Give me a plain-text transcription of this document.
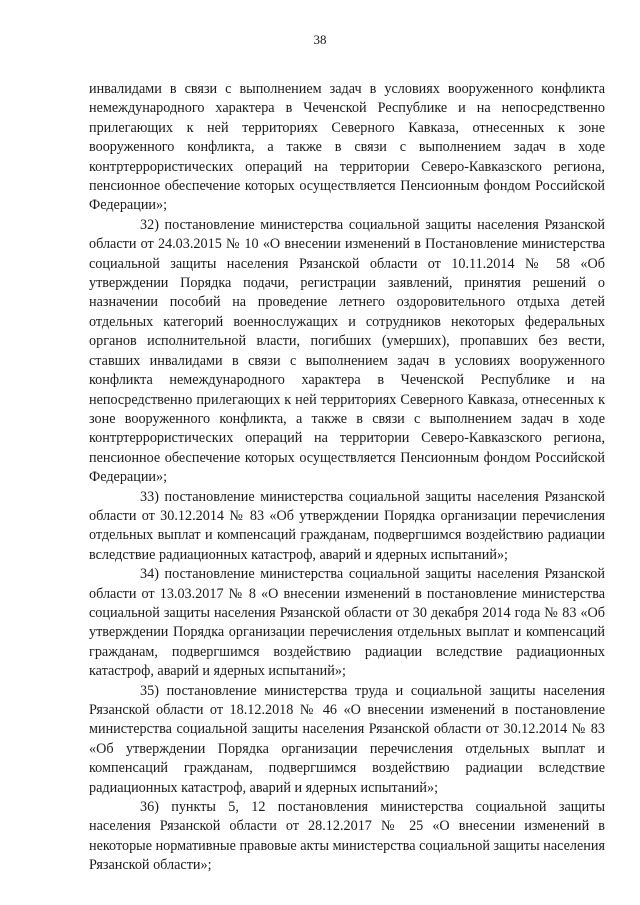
38

инвалидами в связи с выполнением задач в условиях вооруженного конфликта немеждународного характера в Чеченской Республике и на непосредственно прилегающих к ней территориях Северного Кавказа, отнесенных к зоне вооруженного конфликта, а также в связи с выполнением задач в ходе контртеррористических операций на территории Северо-Кавказского региона, пенсионное обеспечение которых осуществляется Пенсионным фондом Российской Федерации»;

32) постановление министерства социальной защиты населения Рязанской области от 24.03.2015 № 10 «О внесении изменений в Постановление министерства социальной защиты населения Рязанской области от 10.11.2014 № 58 «Об утверждении Порядка подачи, регистрации заявлений, принятия решений о назначении пособий на проведение летнего оздоровительного отдыха детей отдельных категорий военнослужащих и сотрудников некоторых федеральных органов исполнительной власти, погибших (умерших), пропавших без вести, ставших инвалидами в связи с выполнением задач в условиях вооруженного конфликта немеждународного характера в Чеченской Республике и на непосредственно прилегающих к ней территориях Северного Кавказа, отнесенных к зоне вооруженного конфликта, а также в связи с выполнением задач в ходе контртеррористических операций на территории Северо-Кавказского региона, пенсионное обеспечение которых осуществляется Пенсионным фондом Российской Федерации»;

33) постановление министерства социальной защиты населения Рязанской области от 30.12.2014 № 83 «Об утверждении Порядка организации перечисления отдельных выплат и компенсаций гражданам, подвергшимся воздействию радиации вследствие радиационных катастроф, аварий и ядерных испытаний»;

34) постановление министерства социальной защиты населения Рязанской области от 13.03.2017 № 8 «О внесении изменений в постановление министерства социальной защиты населения Рязанской области от 30 декабря 2014 года № 83 «Об утверждении Порядка организации перечисления отдельных выплат и компенсаций гражданам, подвергшимся воздействию радиации вследствие радиационных катастроф, аварий и ядерных испытаний»;

35) постановление министерства труда и социальной защиты населения Рязанской области от 18.12.2018 № 46 «О внесении изменений в постановление министерства социальной защиты населения Рязанской области от 30.12.2014 № 83 «Об утверждении Порядка организации перечисления отдельных выплат и компенсаций гражданам, подвергшимся воздействию радиации вследствие радиационных катастроф, аварий и ядерных испытаний»;

36) пункты 5, 12 постановления министерства социальной защиты населения Рязанской области от 28.12.2017 № 25 «О внесении изменений в некоторые нормативные правовые акты министерства социальной защиты населения Рязанской области»;
